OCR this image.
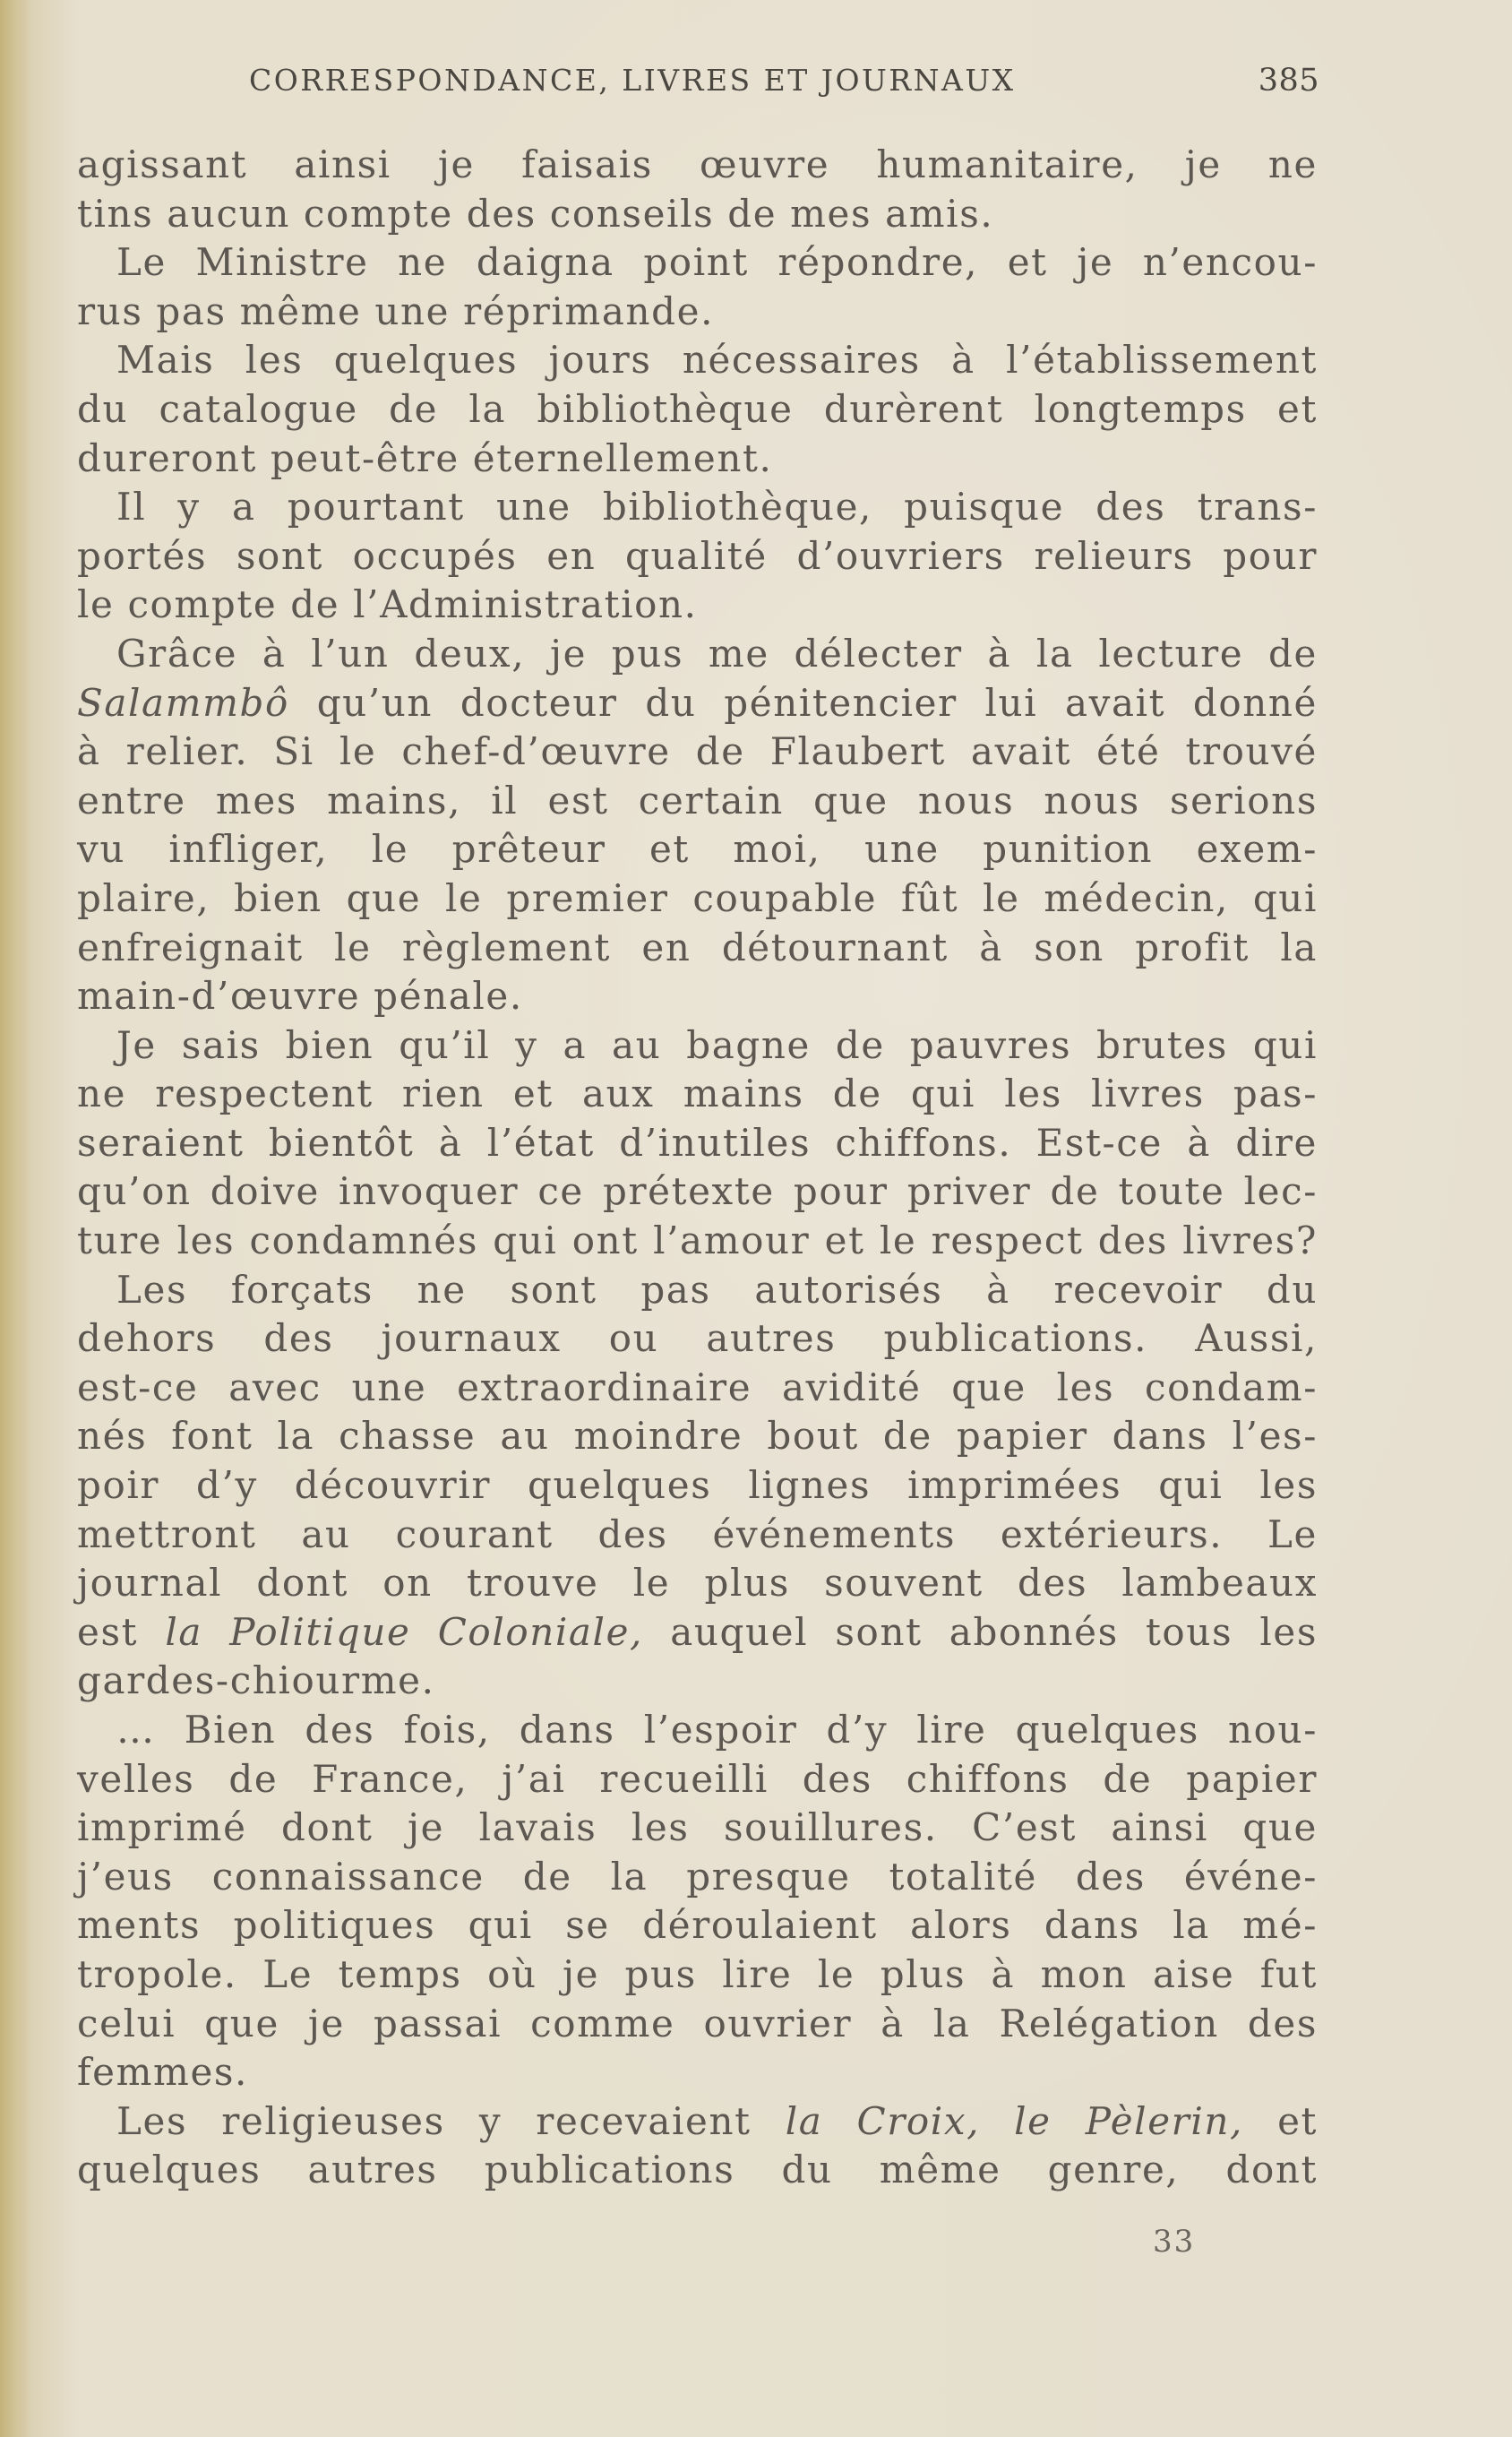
CORRESPONDANCE, LIVRES ET JOURNAUX	385
agissant ainsi je faisais œuvre humanitaire, je ne
tins aucun compte des conseils de mes amis.
Le Ministre ne daigna point répondre, et je n’encou-
rus pas même une réprimande.
Mais les quelques jours nécessaires à l’établissement
du catalogue de la bibliothèque durèrent longtemps et
dureront peut-être éternellement.
Il y a pourtant une bibliothèque, puisque des trans-
portés sont occupés en qualité d’ouvriers relieurs pour
le compte de l’Administration.
Grâce à l’un deux, je pus me délecter à la lecture de
Salammbô qu’un docteur du pénitencier lui avait donné
à relier. Si le chef-d’œuvre de Flaubert avait été trouvé
entre mes mains, il est certain que nous nous serions
vu infliger, le prêteur et moi, une punition exem-
plaire, bien que le premier coupable fût le médecin, qui
enfreignait le règlement en détournant à son profit la
main-d’œuvre pénale.
Je sais bien qu’il y a au bagne de pauvres brutes qui
ne respectent rien et aux mains de qui les livres pas-
seraient bientôt à l’état d’inutiles chiffons. Est-ce à dire
qu’on doive invoquer ce prétexte pour priver de toute lec-
ture les condamnés qui ont l’amour et le respect des livres?
Les forçats ne sont pas autorisés à recevoir du
dehors des journaux ou autres publications. Aussi,
est-ce avec une extraordinaire avidité que les condam-
nés font la chasse au moindre bout de papier dans l’es-
poir d’y découvrir quelques lignes imprimées qui les
mettront au courant des événements extérieurs. Le
journal dont on trouve le plus souvent des lambeaux
est la Politique Coloniale, auquel sont abonnés tous les
gardes-chiourme.
… Bien des fois, dans l’espoir d’y lire quelques nou-
velles de France, j’ai recueilli des chiffons de papier
imprimé dont je lavais les souillures. C’est ainsi que
j’eus connaissance de la presque totalité des événe-
ments politiques qui se déroulaient alors dans la mé-
tropole. Le temps où je pus lire le plus à mon aise fut
celui que je passai comme ouvrier à la Relégation des
femmes.
Les religieuses y recevaient la Croix, le Pèlerin, et
quelques autres publications du même genre, dont
33
